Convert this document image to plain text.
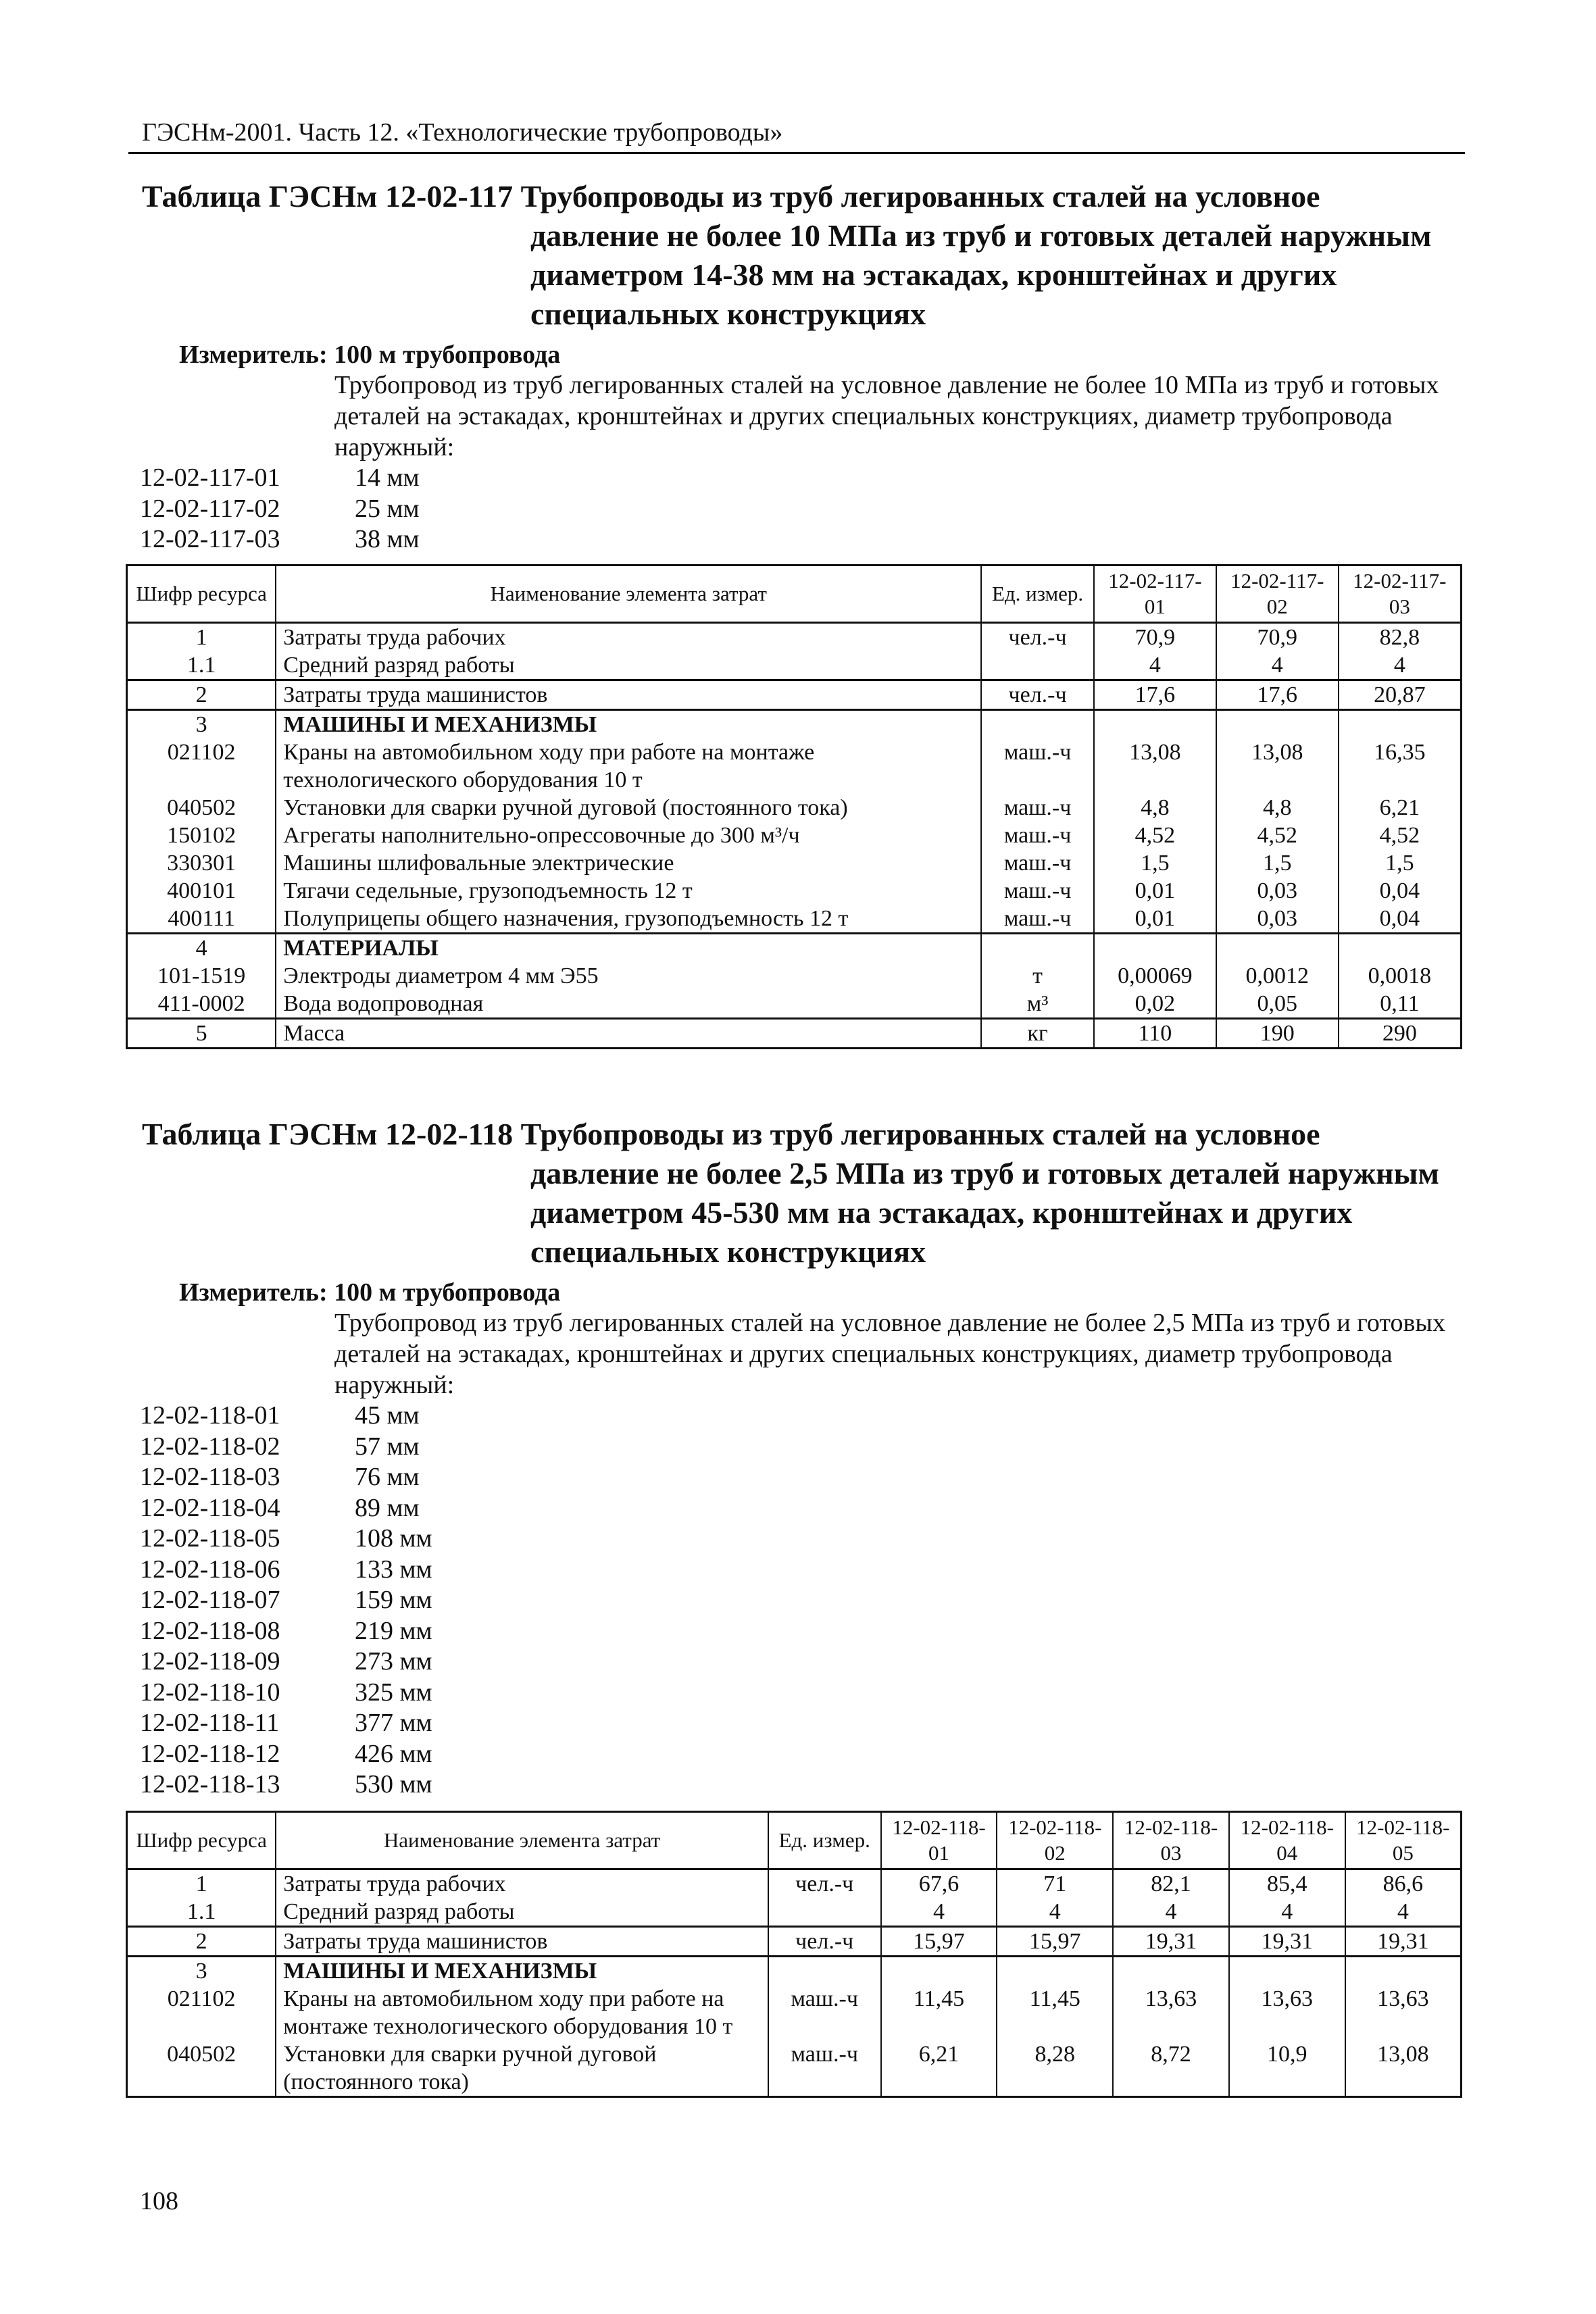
ГЭСНм-2001. Часть 12. «Технологические трубопроводы»
Таблица ГЭСНм 12-02-117 Трубопроводы из труб легированных сталей на условное
давление не более 10 МПа из труб и готовых деталей наружным диаметром 14-38 мм на эстакадах, кронштейнах и других специальных конструкциях
Измеритель: 100 м трубопровода
Трубопровод из труб легированных сталей на условное давление не более 10 МПа из труб и готовых деталей на эстакадах, кронштейнах и других специальных конструкциях, диаметр трубопровода наружный:
12-02-117-01	14 мм
12-02-117-02	25 мм
12-02-117-03	38 мм
Шифр ресурса	Наименование элемента затрат	Ед. измер.	12-02-117-01	12-02-117-02	12-02-117-03
1	Затраты труда рабочих	чел.-ч	70,9	70,9	82,8
1.1	Средний разряд работы		4	4	4
2	Затраты труда машинистов	чел.-ч	17,6	17,6	20,87
3	МАШИНЫ И МЕХАНИЗМЫ				
021102	Краны на автомобильном ходу при работе на монтаже технологического оборудования 10 т	маш.-ч	13,08	13,08	16,35
040502	Установки для сварки ручной дуговой (постоянного тока)	маш.-ч	4,8	4,8	6,21
150102	Агрегаты наполнительно-опрессовочные до 300 м³/ч	маш.-ч	4,52	4,52	4,52
330301	Машины шлифовальные электрические	маш.-ч	1,5	1,5	1,5
400101	Тягачи седельные, грузоподъемность 12 т	маш.-ч	0,01	0,03	0,04
400111	Полуприцепы общего назначения, грузоподъемность 12 т	маш.-ч	0,01	0,03	0,04
4	МАТЕРИАЛЫ				
101-1519	Электроды диаметром 4 мм Э55	т	0,00069	0,0012	0,0018
411-0002	Вода водопроводная	м³	0,02	0,05	0,11
5	Масса	кг	110	190	290
Таблица ГЭСНм 12-02-118 Трубопроводы из труб легированных сталей на условное
давление не более 2,5 МПа из труб и готовых деталей наружным диаметром 45-530 мм на эстакадах, кронштейнах и других специальных конструкциях
Измеритель: 100 м трубопровода
Трубопровод из труб легированных сталей на условное давление не более 2,5 МПа из труб и готовых деталей на эстакадах, кронштейнах и других специальных конструкциях, диаметр трубопровода наружный:
12-02-118-01	45 мм
12-02-118-02	57 мм
12-02-118-03	76 мм
12-02-118-04	89 мм
12-02-118-05	108 мм
12-02-118-06	133 мм
12-02-118-07	159 мм
12-02-118-08	219 мм
12-02-118-09	273 мм
12-02-118-10	325 мм
12-02-118-11	377 мм
12-02-118-12	426 мм
12-02-118-13	530 мм
Шифр ресурса	Наименование элемента затрат	Ед. измер.	12-02-118-01	12-02-118-02	12-02-118-03	12-02-118-04	12-02-118-05
1	Затраты труда рабочих	чел.-ч	67,6	71	82,1	85,4	86,6
1.1	Средний разряд работы		4	4	4	4	4
2	Затраты труда машинистов	чел.-ч	15,97	15,97	19,31	19,31	19,31
3	МАШИНЫ И МЕХАНИЗМЫ						
021102	Краны на автомобильном ходу при работе на монтаже технологического оборудования 10 т	маш.-ч	11,45	11,45	13,63	13,63	13,63
040502	Установки для сварки ручной дуговой (постоянного тока)	маш.-ч	6,21	8,28	8,72	10,9	13,08
108
